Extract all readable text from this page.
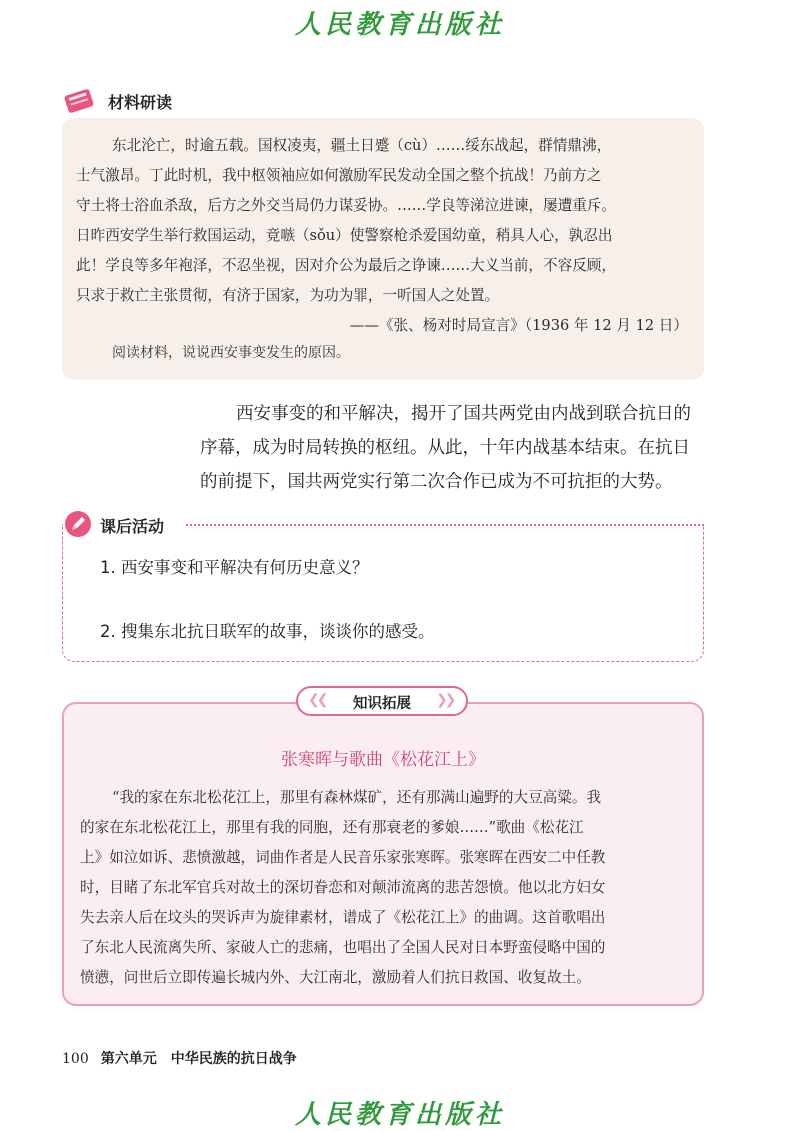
人民教育出版社
材料研读
东北沦亡，时逾五载。国权凌夷，疆土日蹙（cù）……绥东战起，群情鼎沸，
士气激昂。丁此时机，我中枢领袖应如何激励军民发动全国之整个抗战！乃前方之
守土将士浴血杀敌，后方之外交当局仍力谋妥协。……学良等涕泣进谏，屡遭重斥。
日昨西安学生举行救国运动，竟嗾（sǒu）使警察枪杀爱国幼童，稍具人心，孰忍出
此！学良等多年袍泽，不忍坐视，因对介公为最后之诤谏……大义当前，不容反顾，
只求于救亡主张贯彻，有济于国家，为功为罪，一听国人之处置。
——《张、杨对时局宣言》（1936 年 12 月 12 日）
阅读材料，说说西安事变发生的原因。
西安事变的和平解决，揭开了国共两党由内战到联合抗日的
序幕，成为时局转换的枢纽。从此，十年内战基本结束。在抗日
的前提下，国共两党实行第二次合作已成为不可抗拒的大势。
课后活动
1. 西安事变和平解决有何历史意义？
2. 搜集东北抗日联军的故事，谈谈你的感受。
❮❮	❯❯
知识拓展
张寒晖与歌曲《松花江上》
“我的家在东北松花江上，那里有森林煤矿，还有那满山遍野的大豆高粱。我
的家在东北松花江上，那里有我的同胞，还有那衰老的爹娘……”歌曲《松花江
上》如泣如诉、悲愤激越，词曲作者是人民音乐家张寒晖。张寒晖在西安二中任教
时，目睹了东北军官兵对故土的深切眷恋和对颠沛流离的悲苦怨愤。他以北方妇女
失去亲人后在坟头的哭诉声为旋律素材，谱成了《松花江上》的曲调。这首歌唱出
了东北人民流离失所、家破人亡的悲痛，也唱出了全国人民对日本野蛮侵略中国的
愤懑，问世后立即传遍长城内外、大江南北，激励着人们抗日救国、收复故土。
100 第六单元 中华民族的抗日战争
人民教育出版社
